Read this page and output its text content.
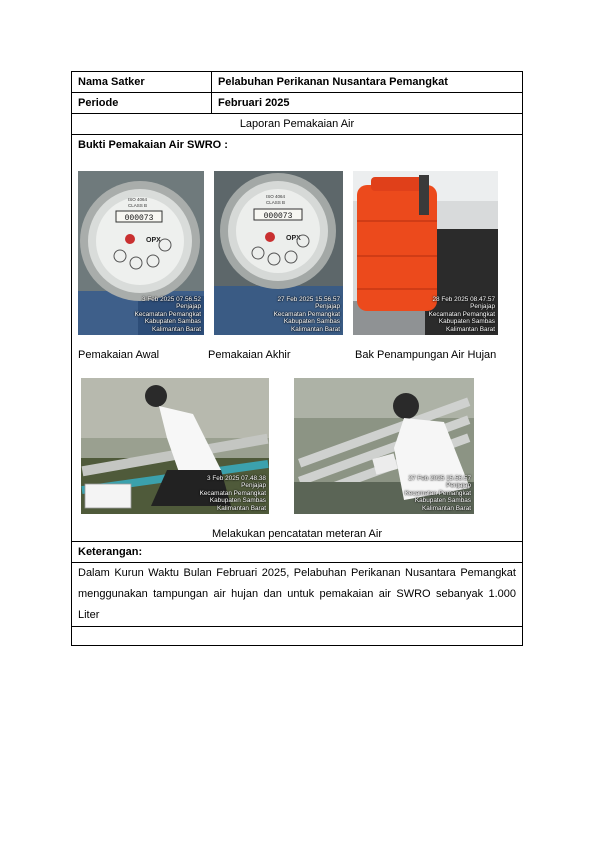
Nama Satker	Pelabuhan Perikanan Nusantara Pemangkat
Periode	Februari 2025
Laporan Pemakaian Air
Bukti Pemakaian Air SWRO :
000073
ISO 4064
CLASS B
OPX
3 Feb 2025 07.56.52
Penjajap
Kecamatan Pemangkat
Kabupaten Sambas
Kalimantan Barat
000073
ISO 4064
CLASS B
OPX
27 Feb 2025 15.56.57
Penjajap
Kecamatan Pemangkat
Kabupaten Sambas
Kalimantan Barat
28 Feb 2025 08.47.57
Penjajap
Kecamatan Pemangkat
Kabupaten Sambas
Kalimantan Barat
Pemakaian Awal	Pemakaian Akhir	Bak Penampungan Air Hujan
3 Feb 2025 07.48.38
Penjajap
Kecamatan Pemangkat
Kabupaten Sambas
Kalimantan Barat
27 Feb 2025 15.56.57
Penjajap
Kecamatan Pemangkat
Kabupaten Sambas
Kalimantan Barat
Melakukan pencatatan meteran Air
Keterangan:
Dalam Kurun Waktu Bulan Februari 2025, Pelabuhan Perikanan Nusantara Pemangkat menggunakan tampungan air hujan dan untuk pemakaian air SWRO sebanyak 1.000 Liter
